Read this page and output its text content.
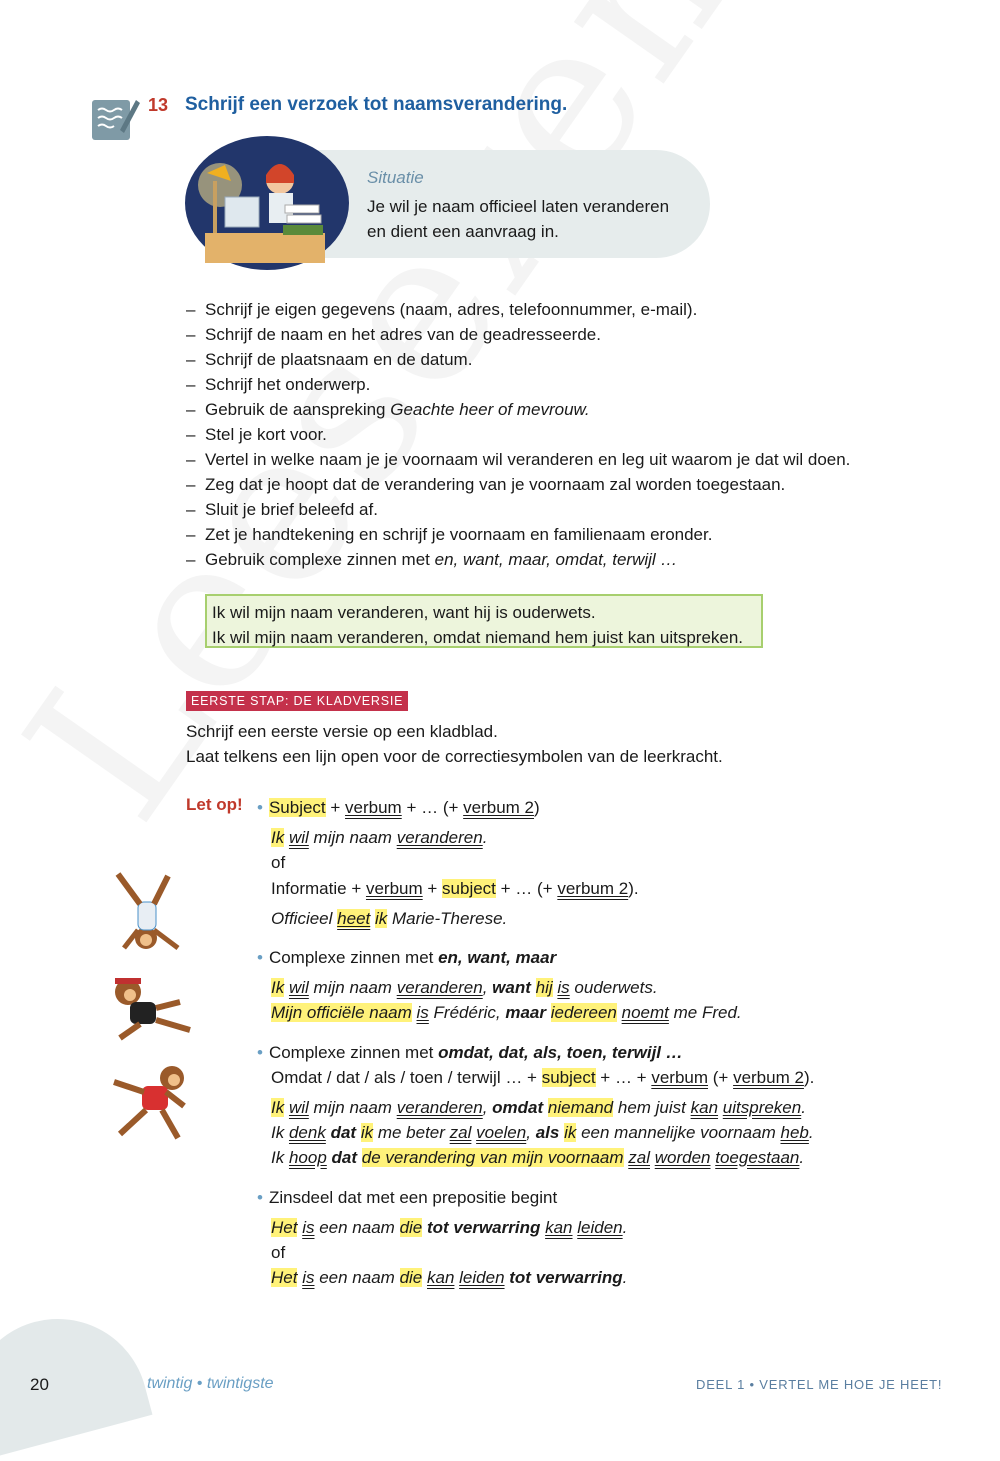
13 Schrijf een verzoek tot naamsverandering.
Situatie
Je wil je naam officieel laten veranderen
en dient een aanvraag in.
– Schrijf je eigen gegevens (naam, adres, telefoonnummer, e-mail).
– Schrijf de naam en het adres van de geadresseerde.
– Schrijf de plaatsnaam en de datum.
– Schrijf het onderwerp.
– Gebruik de aanspreking Geachte heer of mevrouw.
– Stel je kort voor.
– Vertel in welke naam je je voornaam wil veranderen en leg uit waarom je dat wil doen.
– Zeg dat je hoopt dat de verandering van je voornaam zal worden toegestaan.
– Sluit je brief beleefd af.
– Zet je handtekening en schrijf je voornaam en familienaam eronder.
– Gebruik complexe zinnen met en, want, maar, omdat, terwijl …
Ik wil mijn naam veranderen, want hij is ouderwets.
Ik wil mijn naam veranderen, omdat niemand hem juist kan uitspreken.
EERSTE STAP: DE KLADVERSIE
Schrijf een eerste versie op een kladblad.
Laat telkens een lijn open voor de correctiesymbolen van de leerkracht.
Let op! • Subject + verbum + … (+ verbum 2)
Ik wil mijn naam veranderen.
of
Informatie + verbum + subject + … (+ verbum 2).
Officieel heet ik Marie-Therese.
• Complexe zinnen met en, want, maar
Ik wil mijn naam veranderen, want hij is ouderwets.
Mijn officiële naam is Frédéric, maar iedereen noemt me Fred.
• Complexe zinnen met omdat, dat, als, toen, terwijl …
Omdat / dat / als / toen / terwijl … + subject + … + verbum (+ verbum 2).
Ik wil mijn naam veranderen, omdat niemand hem juist kan uitspreken.
Ik denk dat ik me beter zal voelen, als ik een mannelijke voornaam heb.
Ik hoop dat de verandering van mijn voornaam zal worden toegestaan.
• Zinsdeel dat met een prepositie begint
Het is een naam die tot verwarring kan leiden.
of
Het is een naam die kan leiden tot verwarring.
20	twintig • twintigste	DEEL 1 • VERTEL ME HOE JE HEET!
